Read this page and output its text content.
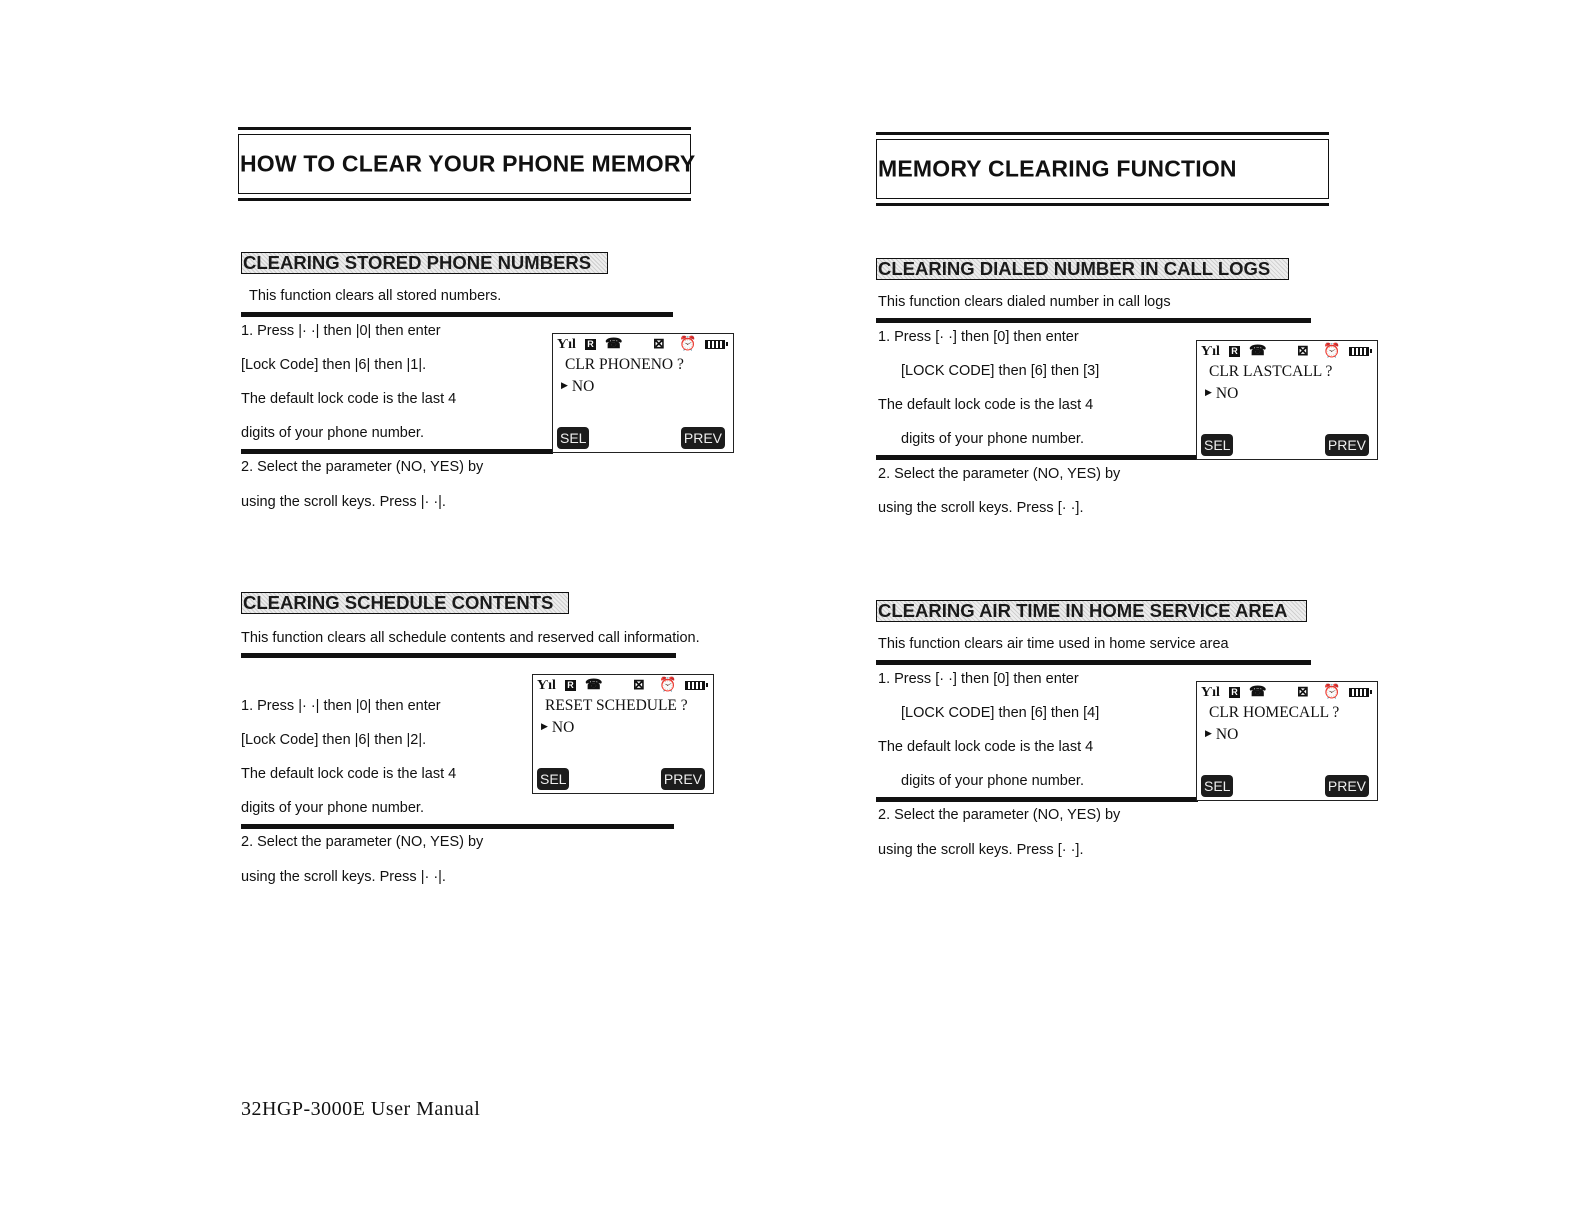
HOW TO CLEAR YOUR PHONE MEMORY
CLEARING STORED PHONE NUMBERS
This function clears all stored numbers.
1. Press |· ·| then |0| then enter
[Lock Code] then |6| then |1|.
The default lock code is the last 4
digits of your phone number.
2. Select the parameter (NO, YES) by
using the scroll keys. Press |· ·|.
Ƴıl R ☎ ⊠ ⏰
CLR PHONENO ?
▶ NO
SEL	PREV
CLEARING SCHEDULE CONTENTS
This function clears all schedule contents and reserved call information.
1. Press |· ·| then |0| then enter
[Lock Code] then |6| then |2|.
The default lock code is the last 4
digits of your phone number.
2. Select the parameter (NO, YES) by
using the scroll keys. Press |· ·|.
Ƴıl R ☎ ⊠ ⏰
RESET SCHEDULE ?
▶ NO
SEL	PREV
32HGP-3000E User Manual
MEMORY CLEARING FUNCTION
CLEARING DIALED NUMBER IN CALL LOGS
This function clears dialed number in call logs
1. Press [· ·] then [0] then enter
[LOCK CODE] then [6] then [3]
The default lock code is the last 4
digits of your phone number.
2. Select the parameter (NO, YES) by
using the scroll keys. Press [· ·].
Ƴıl R ☎ ⊠ ⏰
CLR LASTCALL ?
▶ NO
SEL	PREV
CLEARING AIR TIME IN HOME SERVICE AREA
This function clears air time used in home service area
1. Press [· ·] then [0] then enter
[LOCK CODE] then [6] then [4]
The default lock code is the last 4
digits of your phone number.
2. Select the parameter (NO, YES) by
using the scroll keys. Press [· ·].
Ƴıl R ☎ ⊠ ⏰
CLR HOMECALL ?
▶ NO
SEL	PREV
